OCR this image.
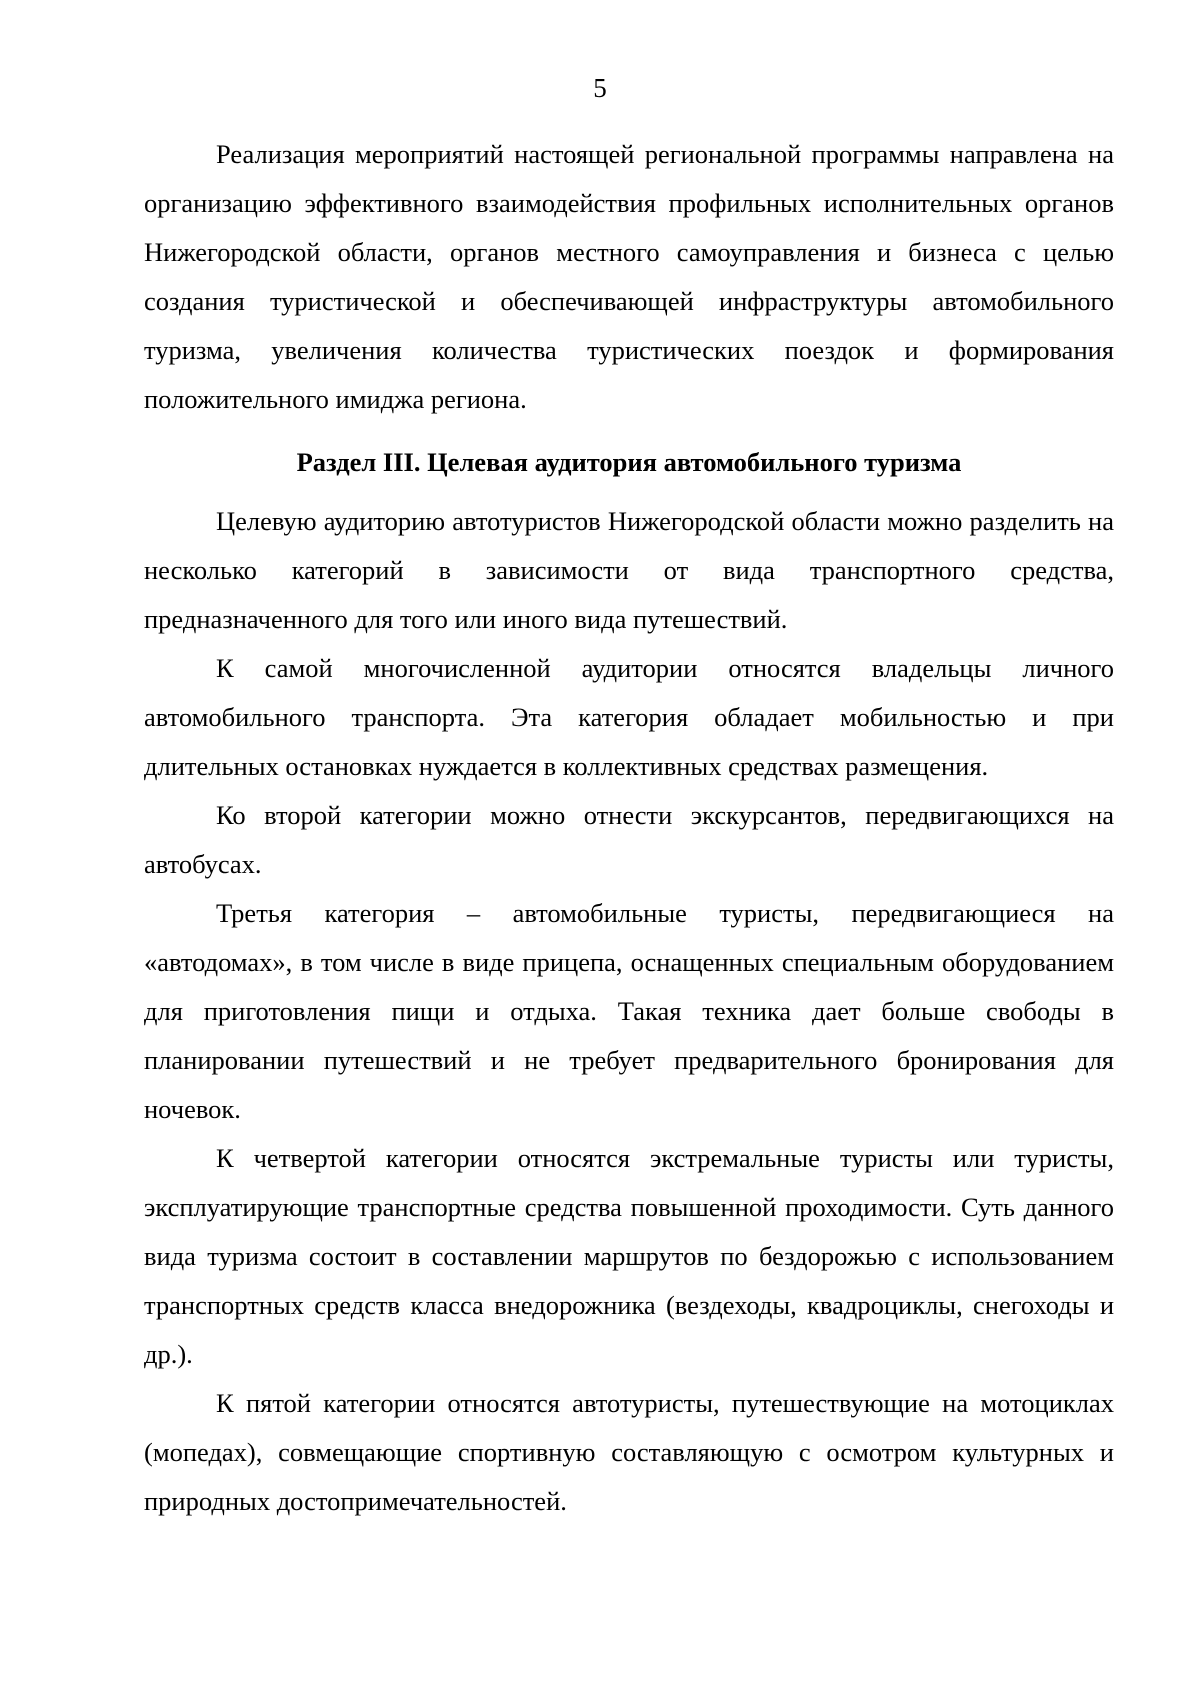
5

Реализация мероприятий настоящей региональной программы направлена на организацию эффективного взаимодействия профильных исполнительных органов Нижегородской области, органов местного самоуправления и бизнеса с целью создания туристической и обеспечивающей инфраструктуры автомобильного туризма, увеличения количества туристических поездок и формирования положительного имиджа региона.

Раздел III. Целевая аудитория автомобильного туризма

Целевую аудиторию автотуристов Нижегородской области можно разделить на несколько категорий в зависимости от вида транспортного средства, предназначенного для того или иного вида путешествий.

К самой многочисленной аудитории относятся владельцы личного автомобильного транспорта. Эта категория обладает мобильностью и при длительных остановках нуждается в коллективных средствах размещения.

Ко второй категории можно отнести экскурсантов, передвигающихся на автобусах.

Третья категория – автомобильные туристы, передвигающиеся на «автодомах», в том числе в виде прицепа, оснащенных специальным оборудованием для приготовления пищи и отдыха. Такая техника дает больше свободы в планировании путешествий и не требует предварительного бронирования для ночевок.

К четвертой категории относятся экстремальные туристы или туристы, эксплуатирующие транспортные средства повышенной проходимости. Суть данного вида туризма состоит в составлении маршрутов по бездорожью с использованием транспортных средств класса внедорожника (вездеходы, квадроциклы, снегоходы и др.).

К пятой категории относятся автотуристы, путешествующие на мотоциклах (мопедах), совмещающие спортивную составляющую с осмотром культурных и природных достопримечательностей.
